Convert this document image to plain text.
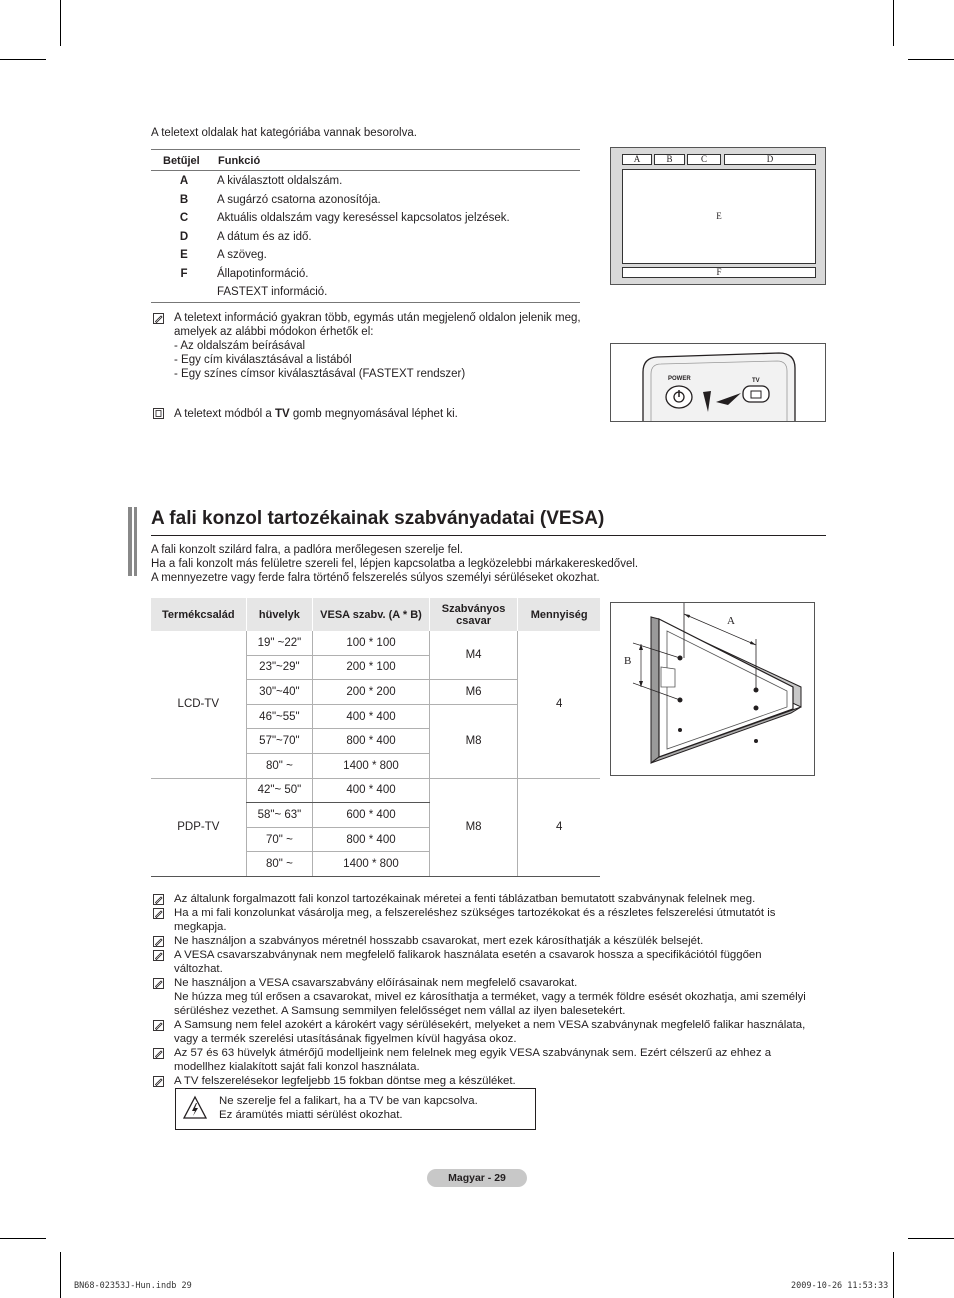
A teletext oldalak hat kategóriába vannak besorolva.
Betűjel Funkció
A	A kiválasztott oldalszám.
B	A sugárzó csatorna azonosítója.
C	Aktuális oldalszám vagy kereséssel kapcsolatos jelzések.
D	A dátum és az idő.
E	A szöveg.
F	Állapotinformáció.
	FASTEXT információ.
A	B	C	D
E
F
A teletext információ gyakran több, egymás után megjelenő oldalon jelenik meg,
amelyek az alábbi módokon érhetők el:
- Az oldalszám beírásával
- Egy cím kiválasztásával a listából
- Egy színes címsor kiválasztásával (FASTEXT rendszer)
A teletext módból a TV gomb megnyomásával léphet ki.
POWER	TV
A fali konzol tartozékainak szabványadatai (VESA)
A fali konzolt szilárd falra, a padlóra merőlegesen szerelje fel.
Ha a fali konzolt más felületre szereli fel, lépjen kapcsolatba a legközelebbi márkakereskedővel.
A mennyezetre vagy ferde falra történő felszerelés súlyos személyi sérüléseket okozhat.
Termékcsalád	hüvelyk	VESA szabv. (A * B)	Szabványos
csavar	Mennyiség
LCD-TV	19" ~22"	100 * 100	M4	4
	23"~29"	200 * 100		
	30"~40"	200 * 200	M6	
	46"~55"	400 * 400	M8	
	57"~70"	800 * 400		
	80" ~	1400 * 800		
PDP-TV	42"~ 50"	400 * 400	M8	4
	58"~ 63"	600 * 400		
	70" ~	800 * 400		
	80" ~	1400 * 800		
A
B
Az általunk forgalmazott fali konzol tartozékainak méretei a fenti táblázatban bemutatott szabványnak felelnek meg.
Ha a mi fali konzolunkat vásárolja meg, a felszereléshez szükséges tartozékokat és a részletes felszerelési útmutatót is
megkapja.
Ne használjon a szabványos méretnél hosszabb csavarokat, mert ezek károsíthatják a készülék belsejét.
A VESA csavarszabványnak nem megfelelő falikarok használata esetén a csavarok hossza a specifikációtól függően
változhat.
Ne használjon a VESA csavarszabvány előírásainak nem megfelelő csavarokat.
Ne húzza meg túl erősen a csavarokat, mivel ez károsíthatja a terméket, vagy a termék földre esését okozhatja, ami személyi
sérüléshez vezethet. A Samsung semmilyen felelősséget nem vállal az ilyen balesetekért.
A Samsung nem felel azokért a károkért vagy sérülésekért, melyeket a nem VESA szabványnak megfelelő falikar használata,
vagy a termék szerelési utasításának figyelmen kívül hagyása okoz.
Az 57 és 63 hüvelyk átmérőjű modelljeink nem felelnek meg egyik VESA szabványnak sem. Ezért célszerű az ehhez a
modellhez kialakított saját fali konzol használata.
A TV felszerelésekor legfeljebb 15 fokban döntse meg a készüléket.
Ne szerelje fel a falikart, ha a TV be van kapcsolva.
Ez áramütés miatti sérülést okozhat.
Magyar - 29
BN68-02353J-Hun.indb 29	2009-10-26 11:53:33
